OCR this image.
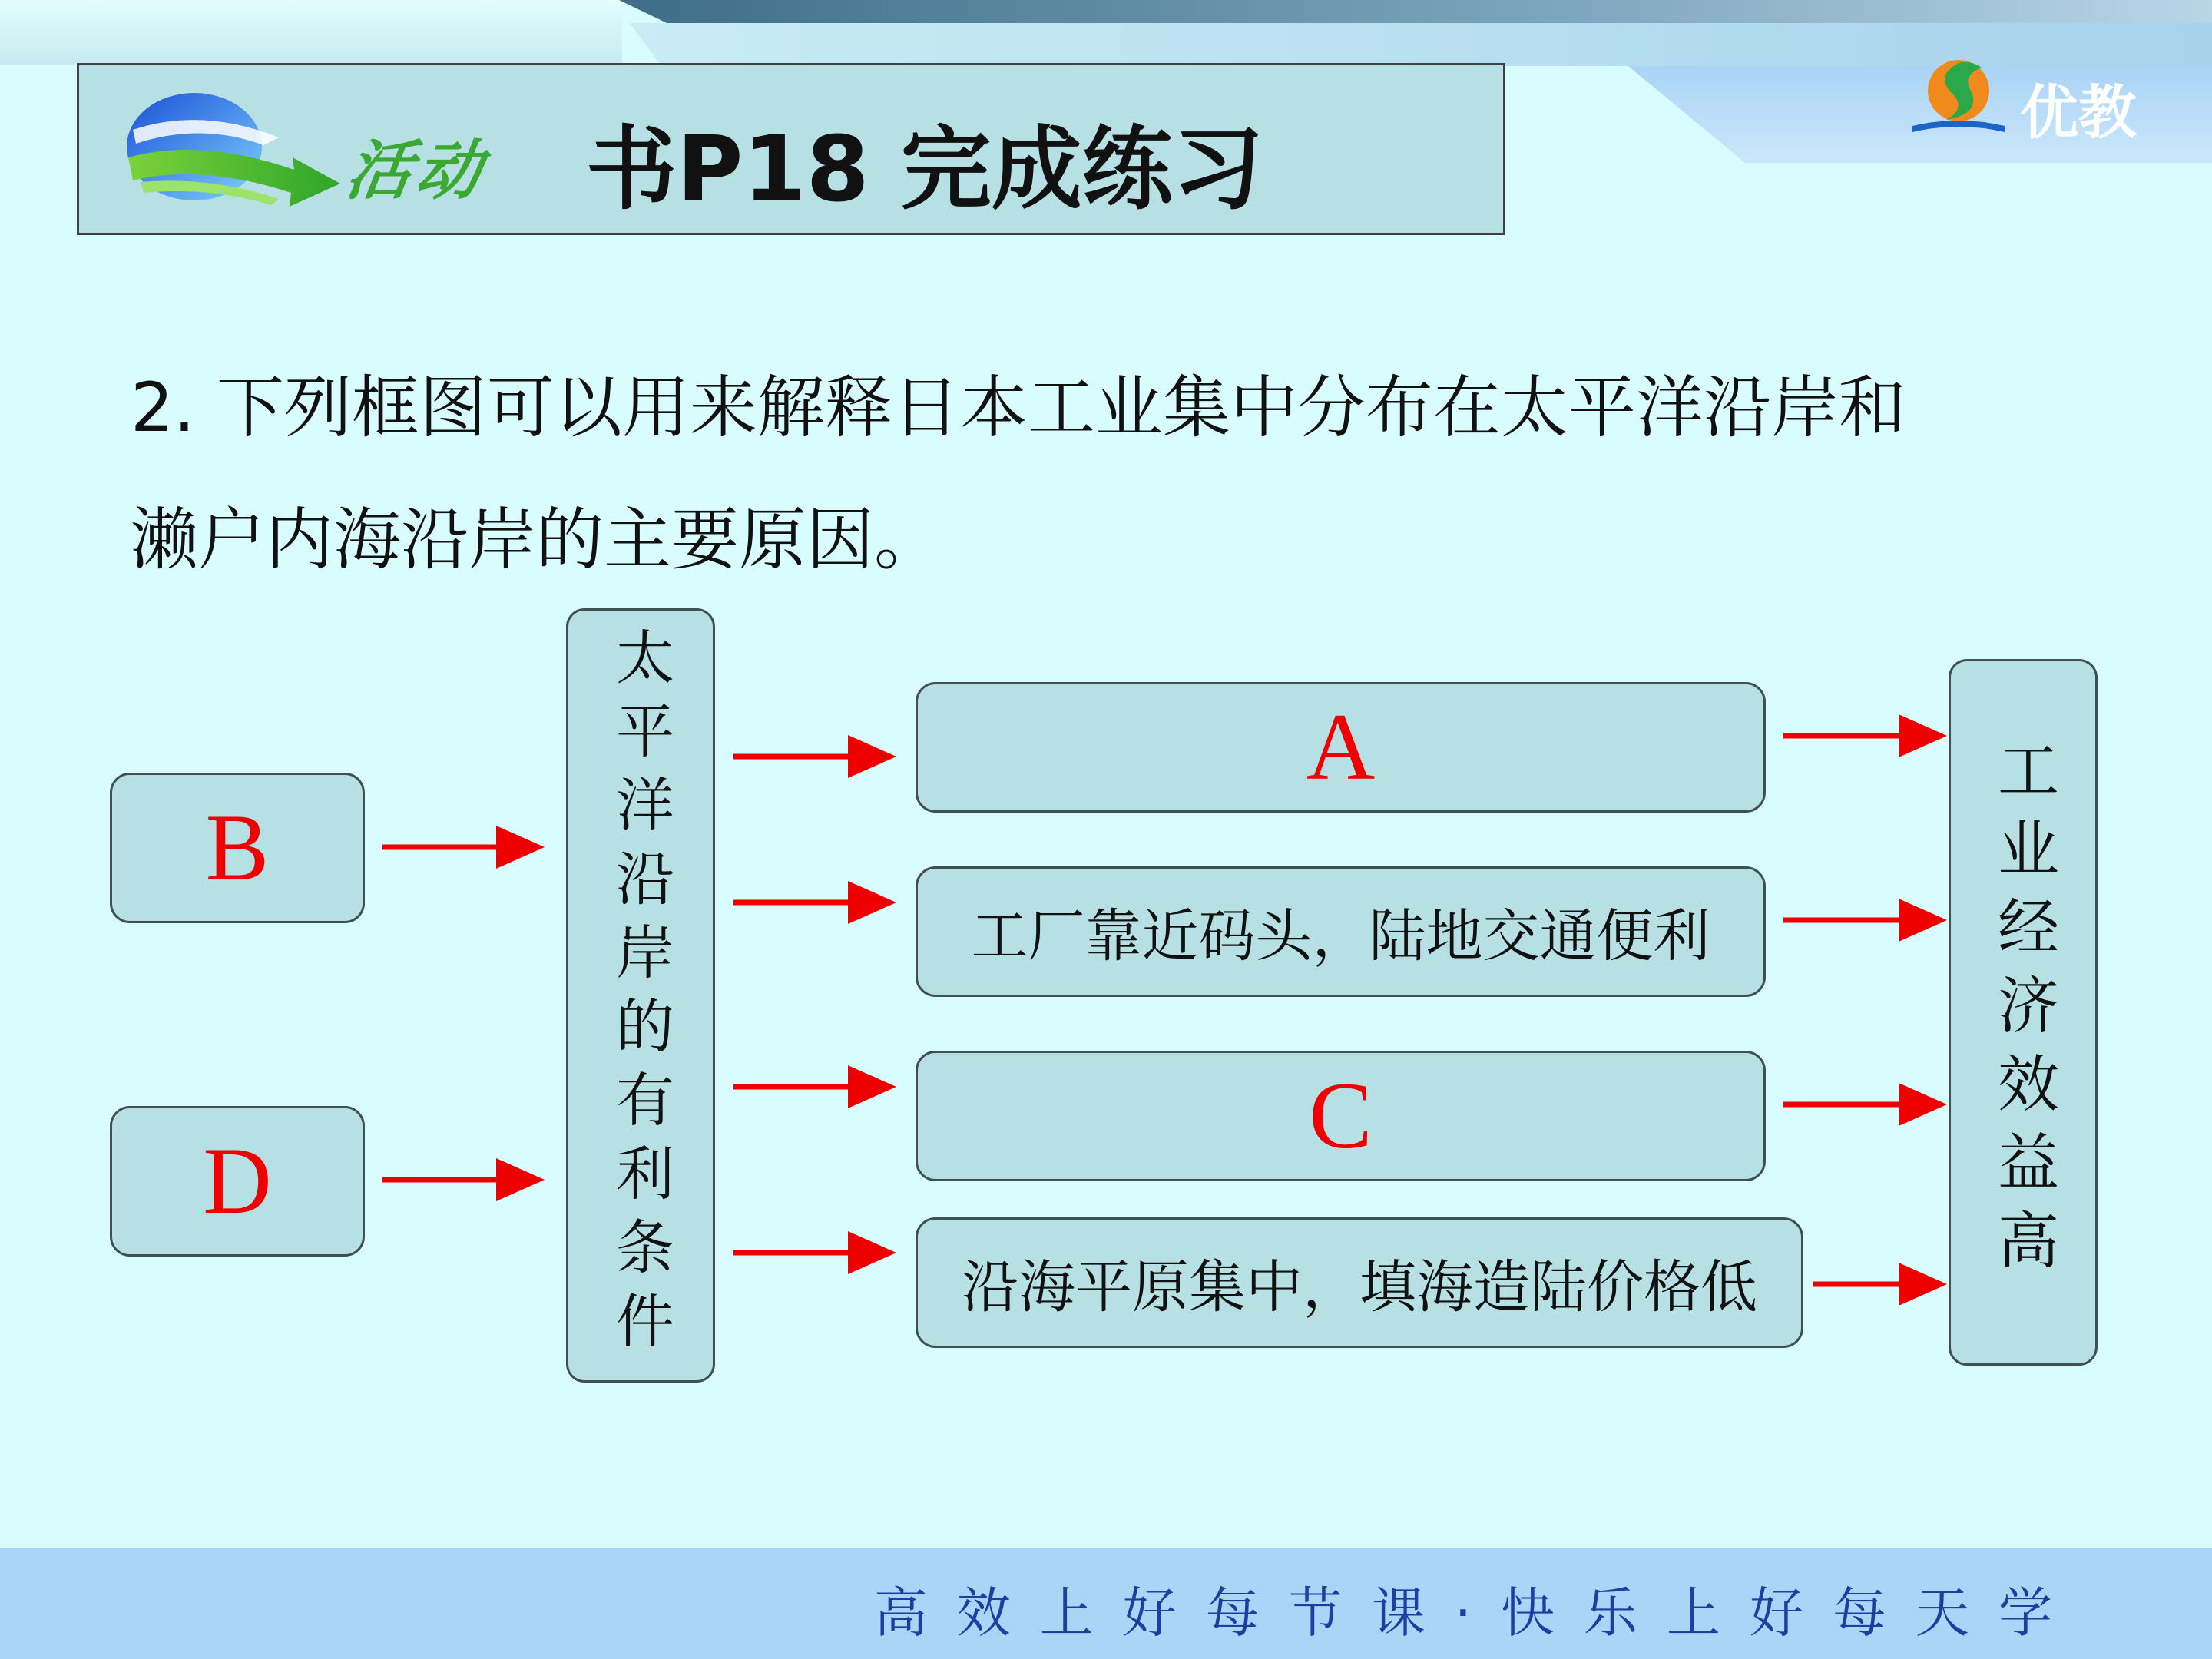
活动 书P18 完成练习
优教
2. 下列框图可以用来解释日本工业集中分布在太平洋沿岸和
濑户内海沿岸的主要原因。
B
D	太平洋沿岸的有利条件	A
工厂靠近码头，陆地交通便利
C
沿海平原集中，填海造陆价格低
工业经济效益高
高效上好每节课·快乐上好每天学
